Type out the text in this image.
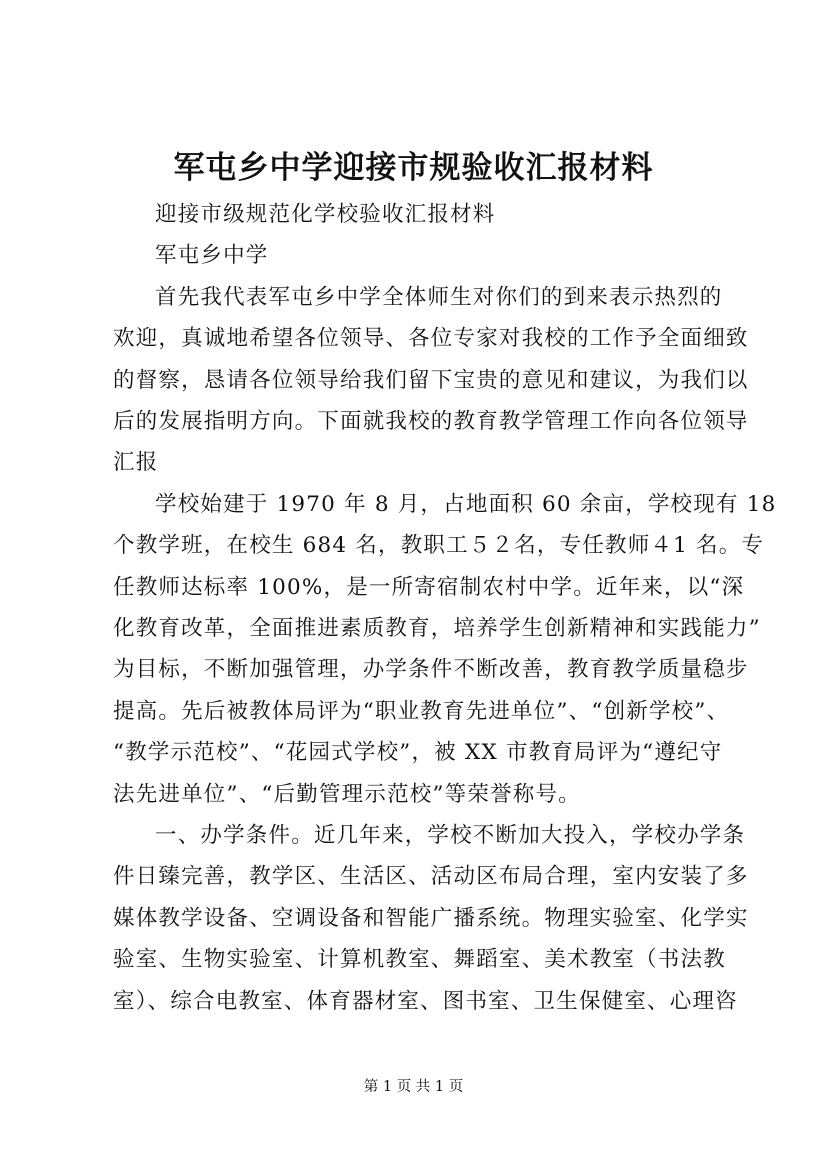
军屯乡中学迎接市规验收汇报材料
迎接市级规范化学校验收汇报材料
军屯乡中学
首先我代表军屯乡中学全体师生对你们的到来表示热烈的
欢迎，真诚地希望各位领导、各位专家对我校的工作予全面细致
的督察，恳请各位领导给我们留下宝贵的意见和建议，为我们以
后的发展指明方向。下面就我校的教育教学管理工作向各位领导
汇报
学校始建于 1970 年 8 月，占地面积 60 余亩，学校现有 18
个教学班，在校生 684 名，教职工５２名，专任教师４1 名。专
任教师达标率 100%，是一所寄宿制农村中学。近年来，以“深
化教育改革，全面推进素质教育，培养学生创新精神和实践能力”
为目标，不断加强管理，办学条件不断改善，教育教学质量稳步
提高。先后被教体局评为“职业教育先进单位”、“创新学校”、
“教学示范校”、“花园式学校”，被 XX 市教育局评为“遵纪守
法先进单位”、“后勤管理示范校”等荣誉称号。
一、办学条件。近几年来，学校不断加大投入，学校办学条
件日臻完善，教学区、生活区、活动区布局合理，室内安装了多
媒体教学设备、空调设备和智能广播系统。物理实验室、化学实
验室、生物实验室、计算机教室、舞蹈室、美术教室（书法教
室）、综合电教室、体育器材室、图书室、卫生保健室、心理咨
第 1 页 共 1 页
